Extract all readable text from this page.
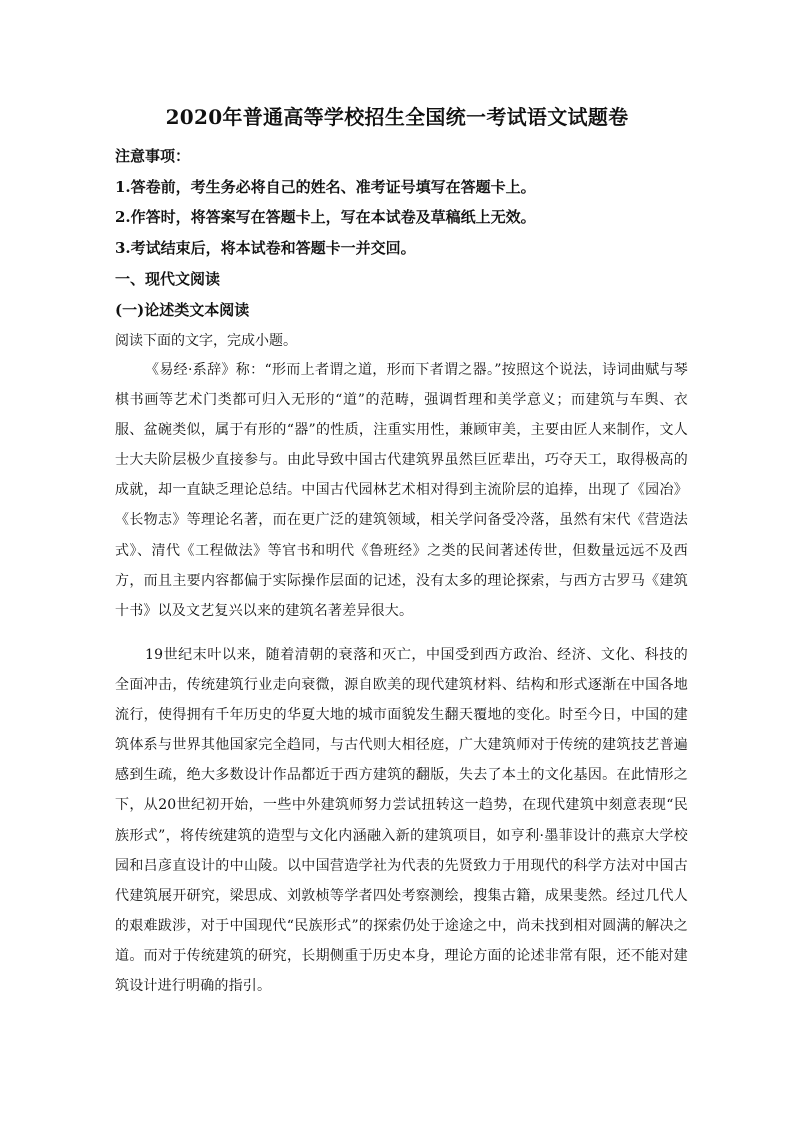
2020年普通高等学校招生全国统一考试语文试题卷
注意事项：
1.答卷前，考生务必将自己的姓名、准考证号填写在答题卡上。
2.作答时，将答案写在答题卡上，写在本试卷及草稿纸上无效。
3.考试结束后，将本试卷和答题卡一并交回。
一、现代文阅读
(一)论述类文本阅读
阅读下面的文字，完成小题。

《易经·系辞》称：“形而上者谓之道，形而下者谓之器。”按照这个说法，诗词曲赋与琴棋书画等艺术门类都可归入无形的“道”的范畴，强调哲理和美学意义；而建筑与车舆、衣服、盆碗类似，属于有形的“器”的性质，注重实用性，兼顾审美，主要由匠人来制作，文人士大夫阶层极少直接参与。由此导致中国古代建筑界虽然巨匠辈出，巧夺天工，取得极高的成就，却一直缺乏理论总结。中国古代园林艺术相对得到主流阶层的追捧，出现了《园冶》《长物志》等理论名著，而在更广泛的建筑领域，相关学问备受冷落，虽然有宋代《营造法式》、清代《工程做法》等官书和明代《鲁班经》之类的民间著述传世，但数量远远不及西方，而且主要内容都偏于实际操作层面的记述，没有太多的理论探索，与西方古罗马《建筑十书》以及文艺复兴以来的建筑名著差异很大。

19世纪末叶以来，随着清朝的衰落和灭亡，中国受到西方政治、经济、文化、科技的全面冲击，传统建筑行业走向衰微，源自欧美的现代建筑材料、结构和形式逐渐在中国各地流行，使得拥有千年历史的华夏大地的城市面貌发生翻天覆地的变化。时至今日，中国的建筑体系与世界其他国家完全趋同，与古代则大相径庭，广大建筑师对于传统的建筑技艺普遍感到生疏，绝大多数设计作品都近于西方建筑的翻版，失去了本土的文化基因。在此情形之下，从20世纪初开始，一些中外建筑师努力尝试扭转这一趋势，在现代建筑中刻意表现“民族形式”，将传统建筑的造型与文化内涵融入新的建筑项目，如亨利·墨菲设计的燕京大学校园和吕彦直设计的中山陵。以中国营造学社为代表的先贤致力于用现代的科学方法对中国古代建筑展开研究，梁思成、刘敦桢等学者四处考察测绘，搜集古籍，成果斐然。经过几代人的艰难跋涉，对于中国现代“民族形式”的探索仍处于途途之中，尚未找到相对圆满的解决之道。而对于传统建筑的研究，长期侧重于历史本身，理论方面的论述非常有限，还不能对建筑设计进行明确的指引。
